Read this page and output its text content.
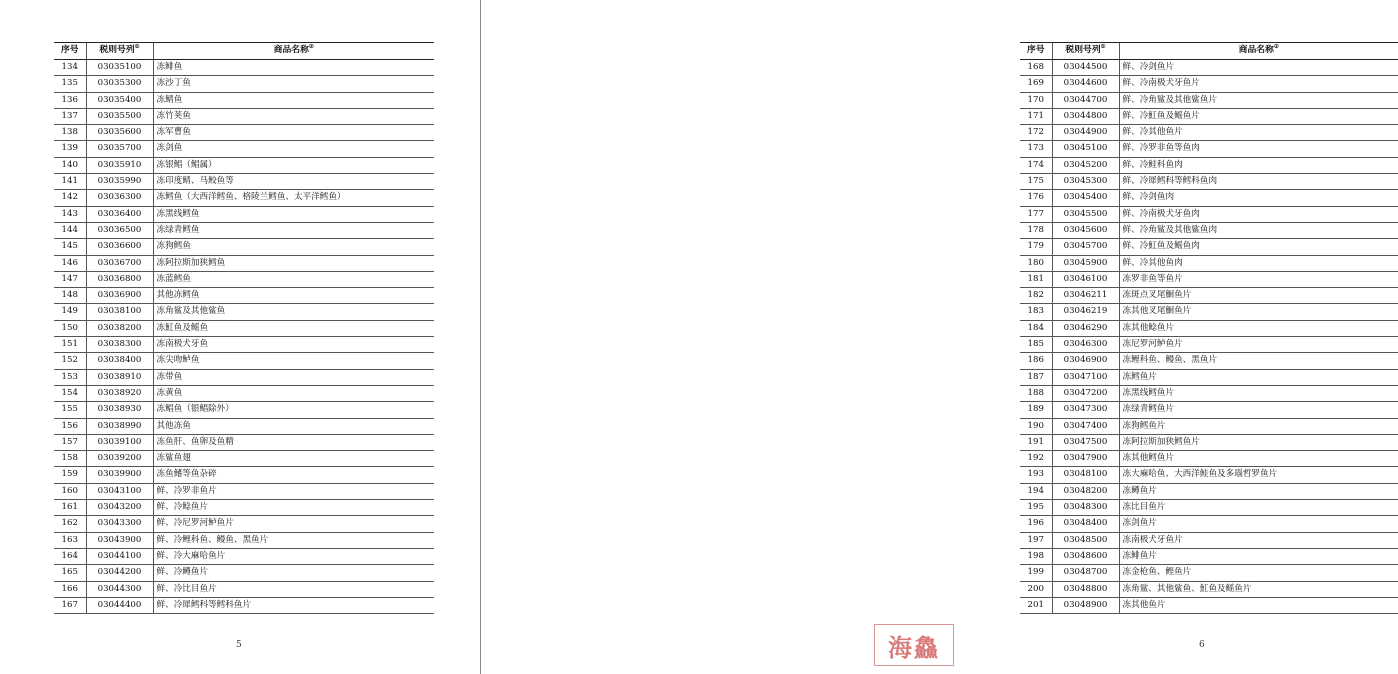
序号	税则号列①	商品名称②
134	03035100	冻鲱鱼
135	03035300	冻沙丁鱼
136	03035400	冻鲭鱼
137	03035500	冻竹荚鱼
138	03035600	冻军曹鱼
139	03035700	冻剑鱼
140	03035910	冻银鲳（鲳属）
141	03035990	冻印度鲭、马鲛鱼等
142	03036300	冻鳕鱼（大西洋鳕鱼、格陵兰鳕鱼、太平洋鳕鱼）
143	03036400	冻黑线鳕鱼
144	03036500	冻绿青鳕鱼
145	03036600	冻狗鳕鱼
146	03036700	冻阿拉斯加狭鳕鱼
147	03036800	冻蓝鳕鱼
148	03036900	其他冻鳕鱼
149	03038100	冻角鲨及其他鲨鱼
150	03038200	冻魟鱼及鳐鱼
151	03038300	冻南极犬牙鱼
152	03038400	冻尖吻鲈鱼
153	03038910	冻带鱼
154	03038920	冻黄鱼
155	03038930	冻鲳鱼（银鲳除外）
156	03038990	其他冻鱼
157	03039100	冻鱼肝、鱼卵及鱼精
158	03039200	冻鲨鱼翅
159	03039900	冻鱼鳍等鱼杂碎
160	03043100	鲜、冷罗非鱼片
161	03043200	鲜、冷鲶鱼片
162	03043300	鲜、冷尼罗河鲈鱼片
163	03043900	鲜、冷鲤科鱼、鳗鱼、黑鱼片
164	03044100	鲜、冷大麻哈鱼片
165	03044200	鲜、冷鳟鱼片
166	03044300	鲜、冷比目鱼片
167	03044400	鲜、冷犀鳕科等鳕科鱼片
5
序号	税则号列①	商品名称②
168	03044500	鲜、冷剑鱼片
169	03044600	鲜、冷南极犬牙鱼片
170	03044700	鲜、冷角鲨及其他鲨鱼片
171	03044800	鲜、冷魟鱼及鳐鱼片
172	03044900	鲜、冷其他鱼片
173	03045100	鲜、冷罗非鱼等鱼肉
174	03045200	鲜、冷鲑科鱼肉
175	03045300	鲜、冷犀鳕科等鳕科鱼肉
176	03045400	鲜、冷剑鱼肉
177	03045500	鲜、冷南极犬牙鱼肉
178	03045600	鲜、冷角鲨及其他鲨鱼肉
179	03045700	鲜、冷魟鱼及鳐鱼肉
180	03045900	鲜、冷其他鱼肉
181	03046100	冻罗非鱼等鱼片
182	03046211	冻斑点叉尾鮰鱼片
183	03046219	冻其他叉尾鮰鱼片
184	03046290	冻其他鲶鱼片
185	03046300	冻尼罗河鲈鱼片
186	03046900	冻鲤科鱼、鳗鱼、黑鱼片
187	03047100	冻鳕鱼片
188	03047200	冻黑线鳕鱼片
189	03047300	冻绿青鳕鱼片
190	03047400	冻狗鳕鱼片
191	03047500	冻阿拉斯加狭鳕鱼片
192	03047900	冻其他鳕鱼片
193	03048100	冻大麻哈鱼、大西洋鲑鱼及多瑙哲罗鱼片
194	03048200	冻鳟鱼片
195	03048300	冻比目鱼片
196	03048400	冻剑鱼片
197	03048500	冻南极犬牙鱼片
198	03048600	冻鲱鱼片
199	03048700	冻金枪鱼、鲣鱼片
200	03048800	冻角鲨、其他鲨鱼、魟鱼及鳐鱼片
201	03048900	冻其他鱼片
6
海鱻
